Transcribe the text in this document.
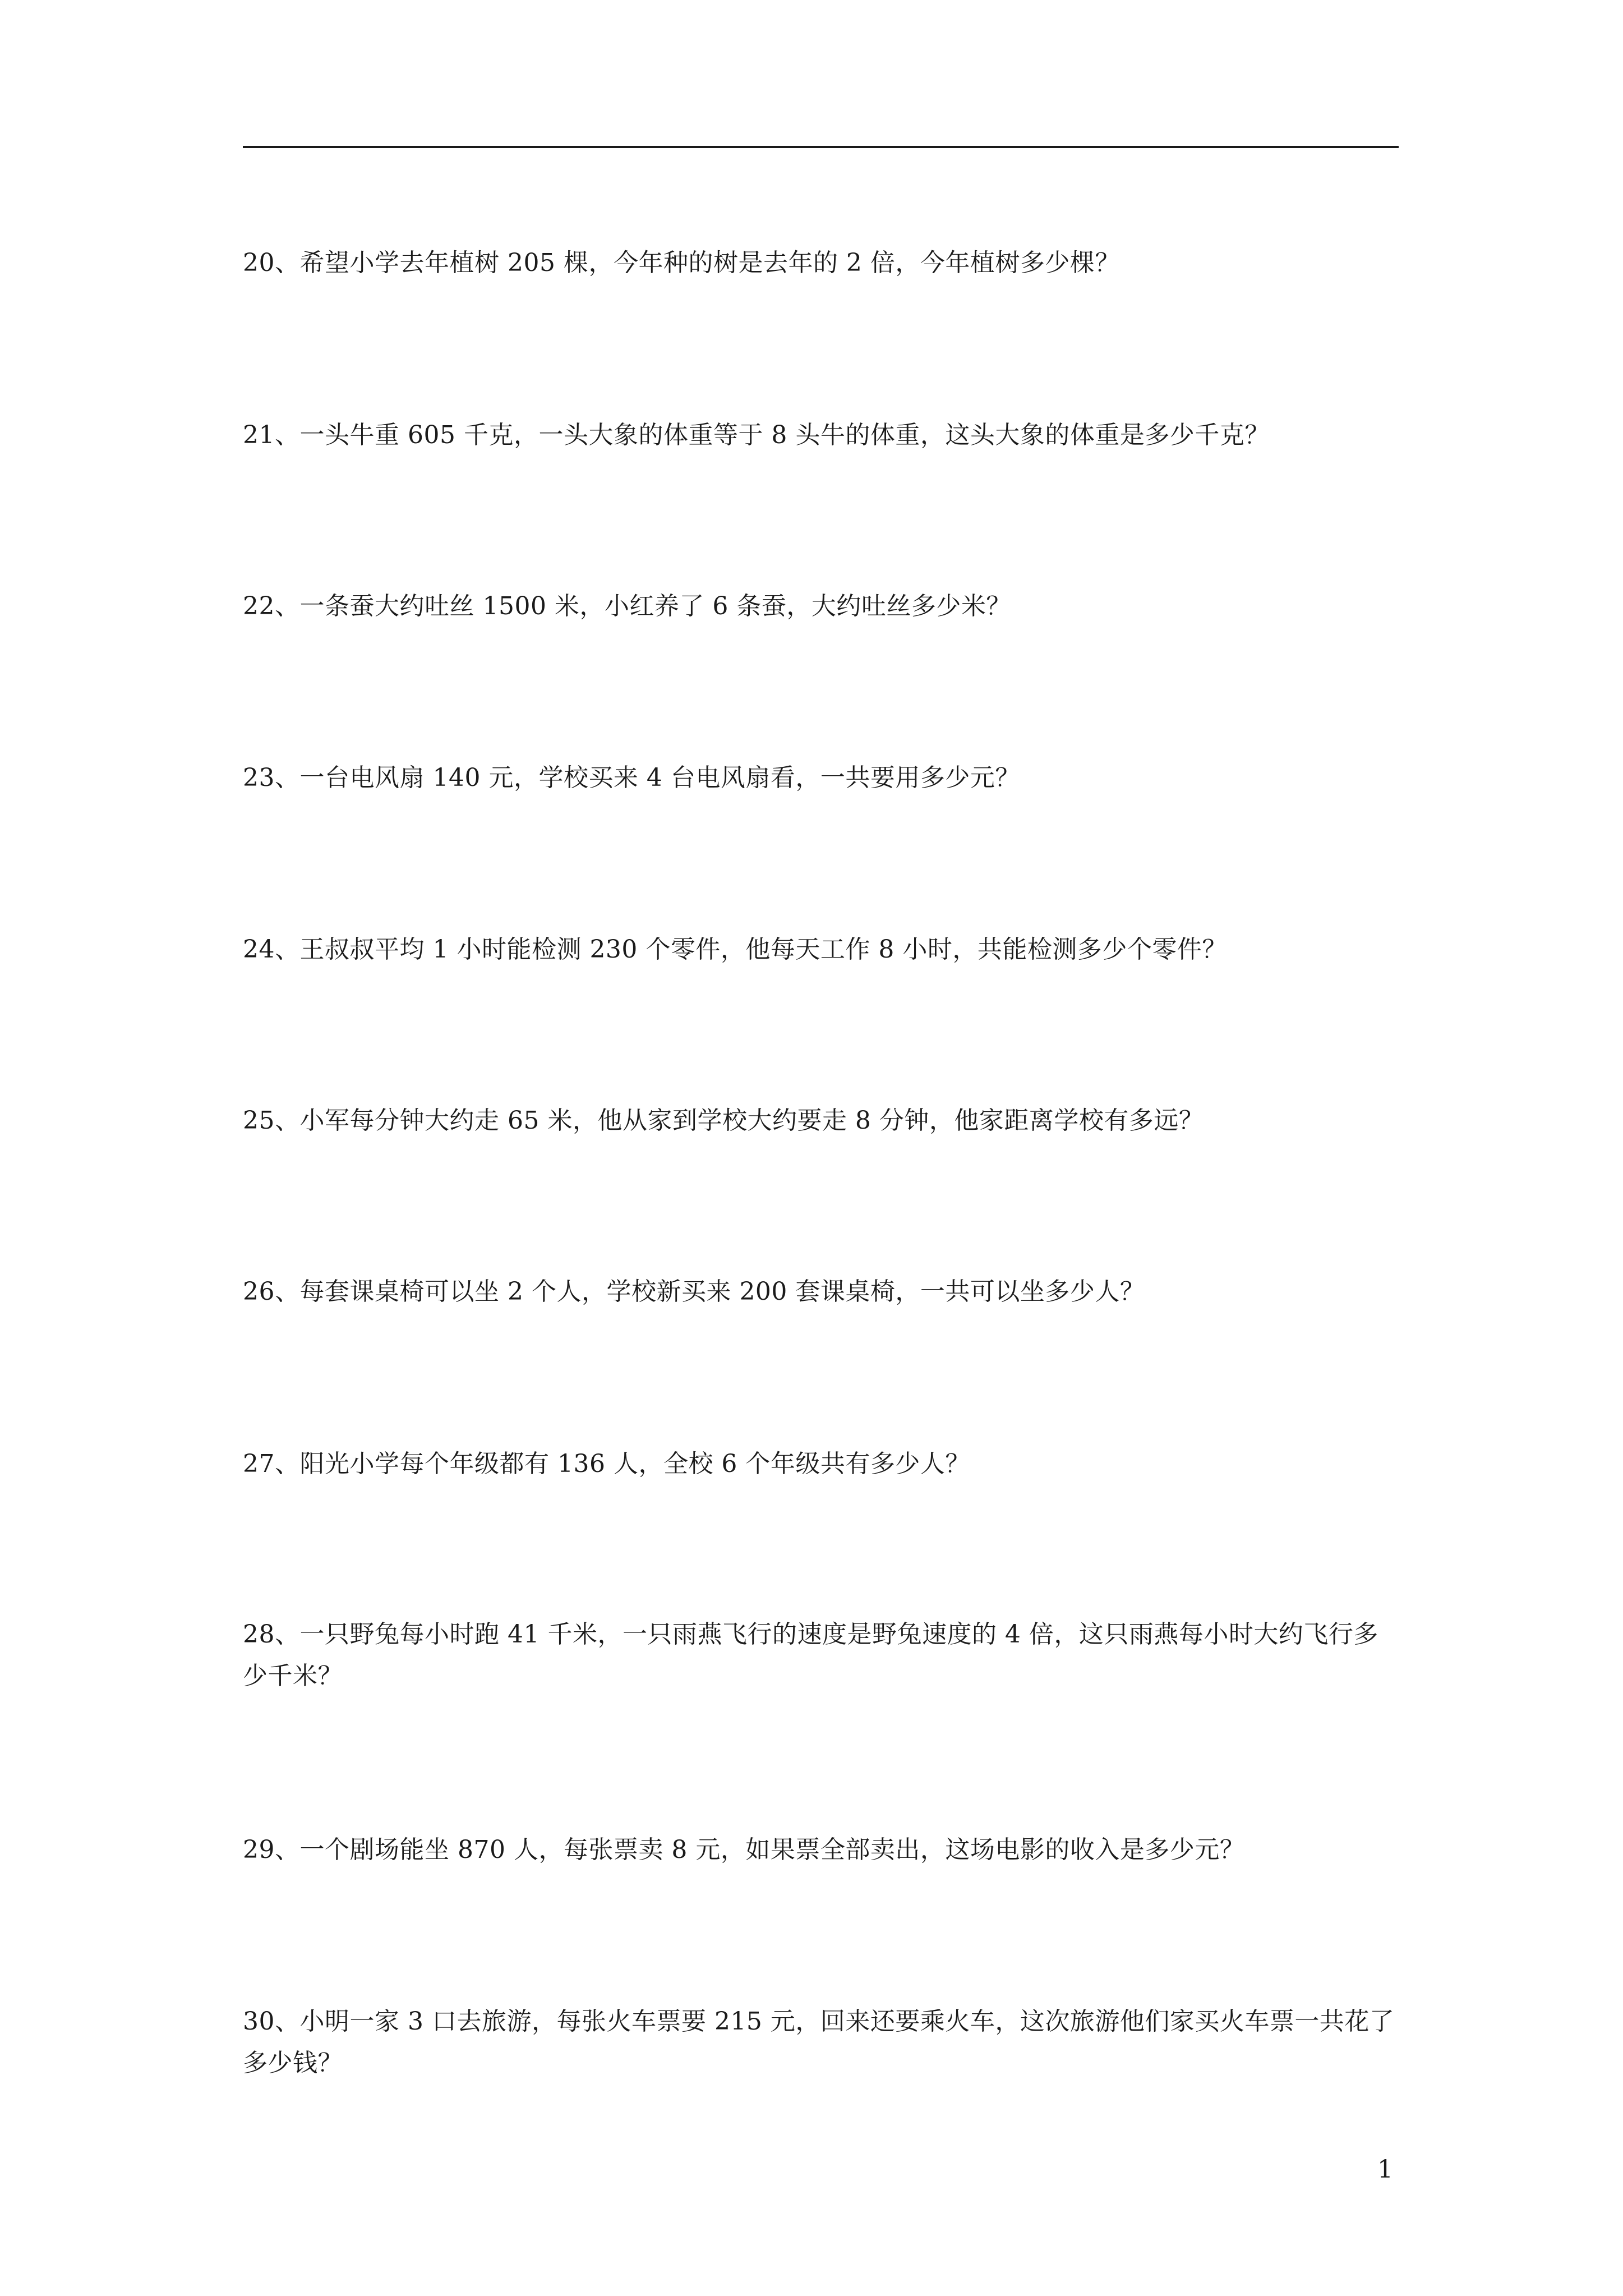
20、希望小学去年植树 205 棵，今年种的树是去年的 2 倍，今年植树多少棵？

21、一头牛重 605 千克，一头大象的体重等于 8 头牛的体重，这头大象的体重是多少千克？

22、一条蚕大约吐丝 1500 米，小红养了 6 条蚕，大约吐丝多少米？

23、一台电风扇 140 元，学校买来 4 台电风扇看，一共要用多少元？

24、王叔叔平均 1 小时能检测 230 个零件，他每天工作 8 小时，共能检测多少个零件？

25、小军每分钟大约走 65 米，他从家到学校大约要走 8 分钟，他家距离学校有多远？

26、每套课桌椅可以坐 2 个人，学校新买来 200 套课桌椅，一共可以坐多少人？

27、阳光小学每个年级都有 136 人，全校 6 个年级共有多少人？

28、一只野兔每小时跑 41 千米，一只雨燕飞行的速度是野兔速度的 4 倍，这只雨燕每小时大约飞行多少千米？

29、一个剧场能坐 870 人，每张票卖 8 元，如果票全部卖出，这场电影的收入是多少元？

30、小明一家 3 口去旅游，每张火车票要 215 元，回来还要乘火车，这次旅游他们家买火车票一共花了多少钱？

1
